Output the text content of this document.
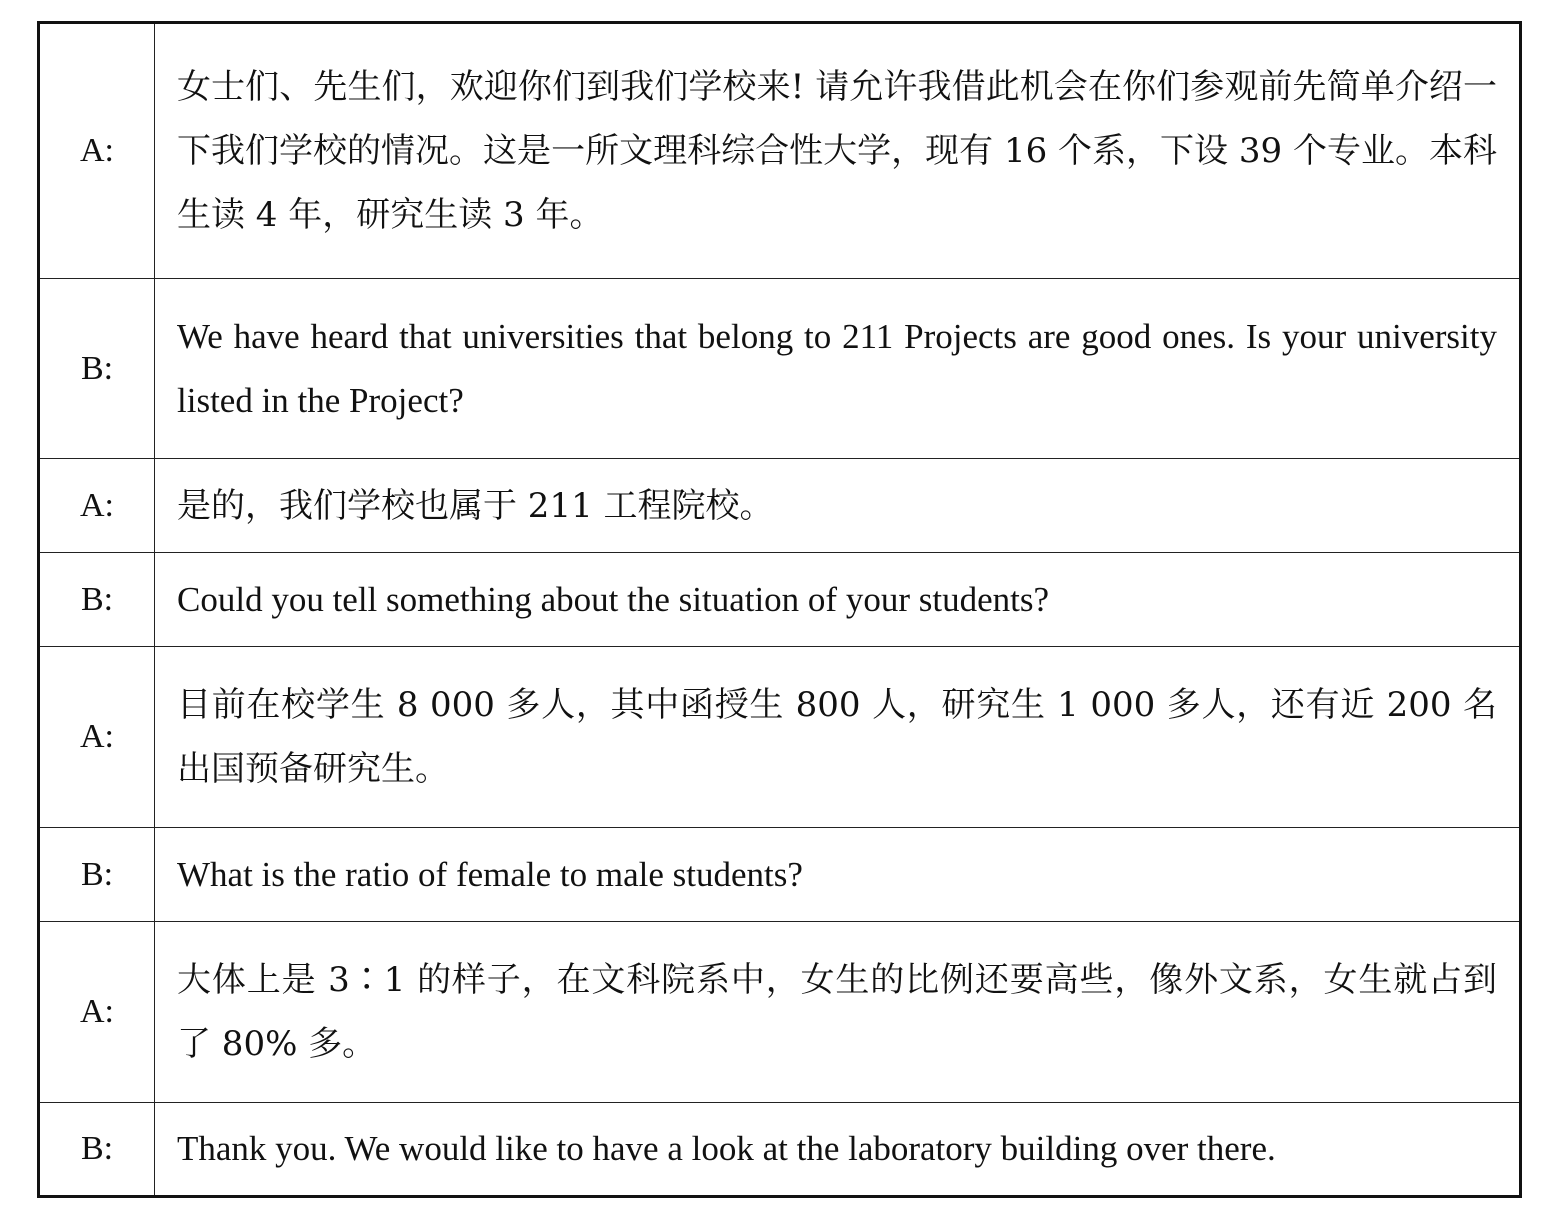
A:	女士们、先生们，欢迎你们到我们学校来! 请允许我借此机会在你们参观前先简单介绍一下我们学校的情况。这是一所文理科综合性大学，现有 16 个系，下设 39 个专业。本科生读 4 年，研究生读 3 年。
B:	We have heard that universities that belong to 211 Projects are good ones. Is your university listed in the Project?
A:	是的，我们学校也属于 211 工程院校。
B:	Could you tell something about the situation of your students?
A:	目前在校学生 8 000 多人，其中函授生 800 人，研究生 1 000 多人，还有近 200 名出国预备研究生。
B:	What is the ratio of female to male students?
A:	大体上是 3∶1 的样子，在文科院系中，女生的比例还要高些，像外文系，女生就占到了 80% 多。
B:	Thank you. We would like to have a look at the laboratory building over there.
